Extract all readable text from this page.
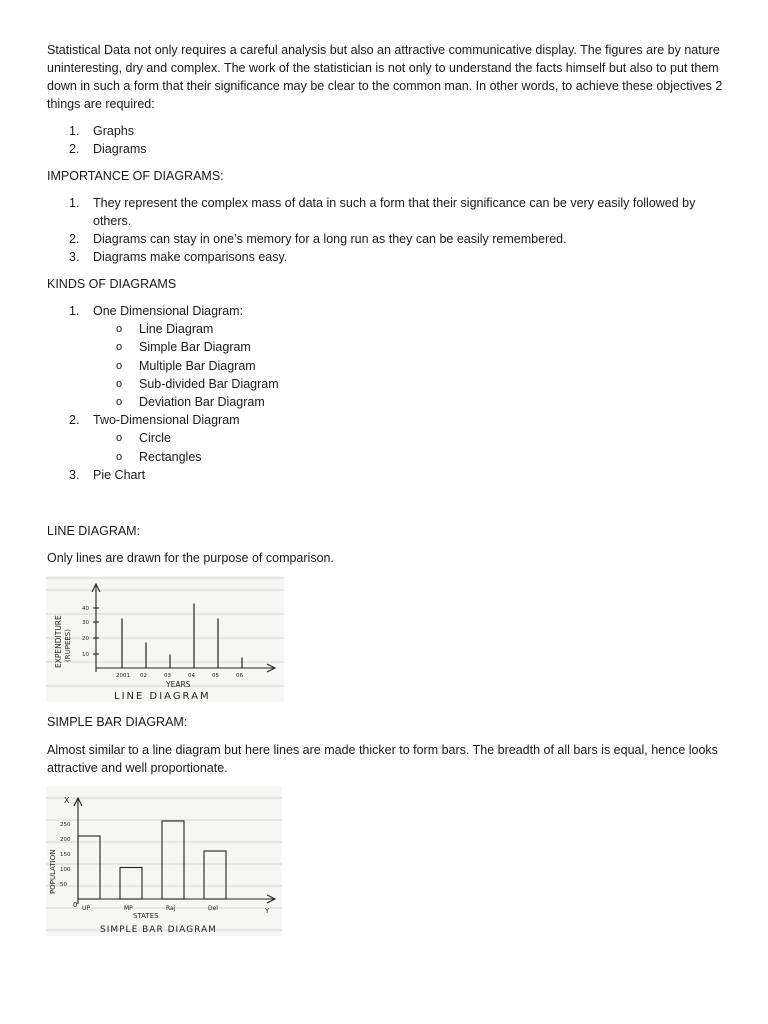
Statistical Data not only requires a careful analysis but also an attractive communicative display. The figures are by nature uninteresting, dry and complex. The work of the statistician is not only to understand the facts himself but also to put them down in such a form that their significance may be clear to the common man. In other words, to achieve these objectives 2 things are required:

1. Graphs
2. Diagrams

IMPORTANCE OF DIAGRAMS:

1. They represent the complex mass of data in such a form that their significance can be very easily followed by others.
2. Diagrams can stay in one’s memory for a long run as they can be easily remembered.
3. Diagrams make comparisons easy.

KINDS OF DIAGRAMS

1. One Dimensional Diagram:
o Line Diagram
o Simple Bar Diagram
o Multiple Bar Diagram
o Sub-divided Bar Diagram
o Deviation Bar Diagram
2. Two-Dimensional Diagram
o Circle
o Rectangles
3. Pie Chart

LINE DIAGRAM:

Only lines are drawn for the purpose of comparison.

40
30
20
10
2001 02	03	04	05	06
EXPENDITURE (RUPEES)
YEARS
LINE DIAGRAM

SIMPLE BAR DIAGRAM:

Almost similar to a line diagram but here lines are made thicker to form bars. The breadth of all bars is equal, hence looks attractive and well proportionate.

250
200
150
100
50
UP	MP	Raj	Del
X
0
Y
POPULATION
STATES
SIMPLE BAR DIAGRAM
